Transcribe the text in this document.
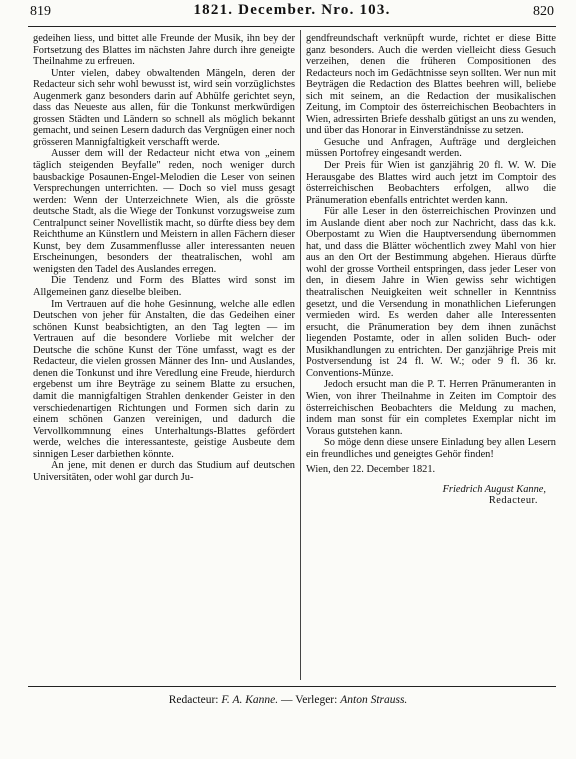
819	1821. December. Nro. 103.	820

gedeihen liess, und bittet alle Freunde der Musik, ihn bey der Fortsetzung des Blattes im nächsten Jahre durch ihre geneigte Theilnahme zu erfreuen.

Unter vielen, dabey obwaltenden Mängeln, deren der Redacteur sich sehr wohl bewusst ist, wird sein vorzüglichstes Augenmerk ganz besonders darin auf Abhülfe gerichtet seyn, dass das Neueste aus allen, für die Tonkunst merkwürdigen grossen Städten und Ländern so schnell als möglich bekannt gemacht, und seinen Lesern dadurch das Vergnügen einer noch grösseren Mannigfaltigkeit verschafft werde.

Ausser dem will der Redacteur nicht etwa von „einem täglich steigenden Beyfalle" reden, noch weniger durch bausbackige Posaunen-Engel-Melodien die Leser von seinen Versprechungen unterrichten. — Doch so viel muss gesagt werden: Wenn der Unterzeichnete Wien, als die grösste deutsche Stadt, als die Wiege der Tonkunst vorzugsweise zum Centralpunct seiner Novellistik macht, so dürfte diess bey dem Reichthume an Künstlern und Meistern in allen Fächern dieser Kunst, bey dem Zusammenflusse aller interessanten neuen Erscheinungen, besonders der theatralischen, wohl am wenigsten den Tadel des Auslandes erregen.

Die Tendenz und Form des Blattes wird sonst im Allgemeinen ganz dieselbe bleiben.

Im Vertrauen auf die hohe Gesinnung, welche alle edlen Deutschen von jeher für Anstalten, die das Gedeihen einer schönen Kunst beabsichtigten, an den Tag legten — im Vertrauen auf die besondere Vorliebe mit welcher der Deutsche die schöne Kunst der Töne umfasst, wagt es der Redacteur, die vielen grossen Männer des Inn- und Auslandes, denen die Tonkunst und ihre Veredlung eine Freude, hierdurch ergebenst um ihre Beyträge zu seinem Blatte zu ersuchen, damit die mannigfaltigen Strahlen denkender Geister in den verschiedenartigen Richtungen und Formen sich darin zu einem schönen Ganzen vereinigen, und dadurch die Vervollkommnung eines Unterhaltungs-Blattes gefördert werde, welches die interessanteste, geistige Ausbeute dem sinnigen Leser darbiethen könnte.

An jene, mit denen er durch das Studium auf deutschen Universitäten, oder wohl gar durch Ju-

gendfreundschaft verknüpft wurde, richtet er diese Bitte ganz besonders. Auch die werden vielleicht diess Gesuch verzeihen, denen die früheren Compositionen des Redacteurs noch im Gedächtnisse seyn sollten. Wer nun mit Beyträgen die Redaction des Blattes beehren will, beliebe sich mit seinem, an die Redaction der musikalischen Zeitung, im Comptoir des österreichischen Beobachters in Wien, adressirten Briefe desshalb gütigst an uns zu wenden, und über das Honorar in Einverständnisse zu setzen.

Gesuche und Anfragen, Aufträge und dergleichen müssen Portofrey eingesandt werden.

Der Preis für Wien ist ganzjährig 20 fl. W. W. Die Herausgabe des Blattes wird auch jetzt im Comptoir des österreichischen Beobachters erfolgen, allwo die Pränumeration ebenfalls entrichtet werden kann.

Für alle Leser in den österreichischen Provinzen und im Auslande dient aber noch zur Nachricht, dass das k.k. Oberpostamt zu Wien die Hauptversendung übernommen hat, und dass die Blätter wöchentlich zwey Mahl von hier aus an den Ort der Bestimmung abgehen. Hieraus dürfte wohl der grosse Vortheil entspringen, dass jeder Leser von den, in diesem Jahre in Wien gewiss sehr wichtigen theatralischen Neuigkeiten weit schneller in Kenntniss gesetzt, und die Versendung in monathlichen Lieferungen vermieden wird. Es werden daher alle Interessenten ersucht, die Pränumeration bey dem ihnen zunächst liegenden Postamte, oder in allen soliden Buch- oder Musikhandlungen zu entrichten. Der ganzjährige Preis mit Postversendung ist 24 fl. W. W.; oder 9 fl. 36 kr. Conventions-Münze.

Jedoch ersucht man die P. T. Herren Pränumeranten in Wien, von ihrer Theilnahme in Zeiten im Comptoir des österreichischen Beobachters die Meldung zu machen, indem man sonst für ein completes Exemplar nicht im Voraus gutstehen kann.

So möge denn diese unsere Einladung bey allen Lesern ein freundliches und geneigtes Gehör finden!

Wien, den 22. December 1821.

Friedrich August Kanne,
Redacteur.
Redacteur: F. A. Kanne. — Verleger: Anton Strauss.
